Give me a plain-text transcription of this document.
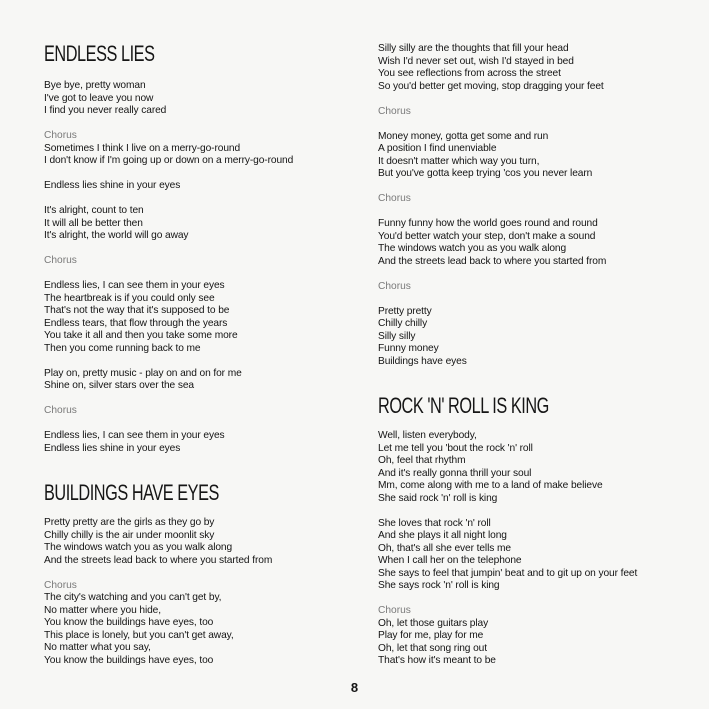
ENDLESS LIES
Bye bye, pretty woman
I've got to leave you now
I find you never really cared

Chorus
Sometimes I think I live on a merry-go-round
I don't know if I'm going up or down on a merry-go-round

Endless lies shine in your eyes

It's alright, count to ten
It will all be better then
It's alright, the world will go away

Chorus

Endless lies, I can see them in your eyes
The heartbreak is if you could only see
That's not the way that it's supposed to be
Endless tears, that flow through the years
You take it all and then you take some more
Then you come running back to me

Play on, pretty music - play on and on for me
Shine on, silver stars over the sea

Chorus

Endless lies, I can see them in your eyes
Endless lies shine in your eyes
BUILDINGS HAVE EYES
Pretty pretty are the girls as they go by
Chilly chilly is the air under moonlit sky
The windows watch you as you walk along
And the streets lead back to where you started from

Chorus
The city's watching and you can't get by,
No matter where you hide,
You know the buildings have eyes, too
This place is lonely, but you can't get away,
No matter what you say,
You know the buildings have eyes, too
Silly silly are the thoughts that fill your head
Wish I'd never set out, wish I'd stayed in bed
You see reflections from across the street
So you'd better get moving, stop dragging your feet

Chorus

Money money, gotta get some and run
A position I find unenviable
It doesn't matter which way you turn,
But you've gotta keep trying 'cos you never learn

Chorus

Funny funny how the world goes round and round
You'd better watch your step, don't make a sound
The windows watch you as you walk along
And the streets lead back to where you started from

Chorus

Pretty pretty
Chilly chilly
Silly silly
Funny money
Buildings have eyes
ROCK 'N' ROLL IS KING
Well, listen everybody,
Let me tell you 'bout the rock 'n' roll
Oh, feel that rhythm
And it's really gonna thrill your soul
Mm, come along with me to a land of make believe
She said rock 'n' roll is king

She loves that rock 'n' roll
And she plays it all night long
Oh, that's all she ever tells me
When I call her on the telephone
She says to feel that jumpin' beat and to git up on your feet
She says rock 'n' roll is king

Chorus
Oh, let those guitars play
Play for me, play for me
Oh, let that song ring out
That's how it's meant to be
8
